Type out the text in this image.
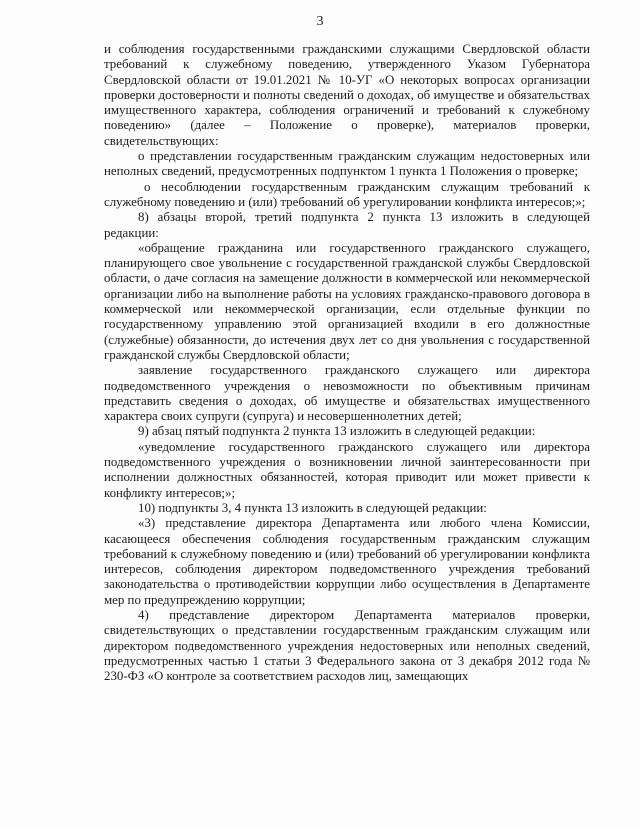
3

и соблюдения государственными гражданскими служащими Свердловской области требований к служебному поведению, утвержденного Указом Губернатора Свердловской области от 19.01.2021 № 10-УГ «О некоторых вопросах организации проверки достоверности и полноты сведений о доходах, об имуществе и обязательствах имущественного характера, соблюдения ограничений и требований к служебному поведению» (далее – Положение о проверке), материалов проверки, свидетельствующих:

о представлении государственным гражданским служащим недостоверных или неполных сведений, предусмотренных подпунктом 1 пункта 1 Положения о проверке;

о несоблюдении государственным гражданским служащим требований к служебному поведению и (или) требований об урегулировании конфликта интересов;»;

8) абзацы второй, третий подпункта 2 пункта 13 изложить в следующей редакции:

«обращение гражданина или государственного гражданского служащего, планирующего свое увольнение с государственной гражданской службы Свердловской области, о даче согласия на замещение должности в коммерческой или некоммерческой организации либо на выполнение работы на условиях гражданско-правового договора в коммерческой или некоммерческой организации, если отдельные функции по государственному управлению этой организацией входили в его должностные (служебные) обязанности, до истечения двух лет со дня увольнения с государственной гражданской службы Свердловской области;

заявление государственного гражданского служащего или директора подведомственного учреждения о невозможности по объективным причинам представить сведения о доходах, об имуществе и обязательствах имущественного характера своих супруги (супруга) и несовершеннолетних детей;

9) абзац пятый подпункта 2 пункта 13 изложить в следующей редакции:

«уведомление государственного гражданского служащего или директора подведомственного учреждения о возникновении личной заинтересованности при исполнении должностных обязанностей, которая приводит или может привести к конфликту интересов;»;

10) подпункты 3, 4 пункта 13 изложить в следующей редакции:

«3) представление директора Департамента или любого члена Комиссии, касающееся обеспечения соблюдения государственным гражданским служащим требований к служебному поведению и (или) требований об урегулировании конфликта интересов, соблюдения директором подведомственного учреждения требований законодательства о противодействии коррупции либо осуществления в Департаменте мер по предупреждению коррупции;

4) представление директором Департамента материалов проверки, свидетельствующих о представлении государственным гражданским служащим или директором подведомственного учреждения недостоверных или неполных сведений, предусмотренных частью 1 статьи 3 Федерального закона от 3 декабря 2012 года № 230-ФЗ «О контроле за соответствием расходов лиц, замещающих
